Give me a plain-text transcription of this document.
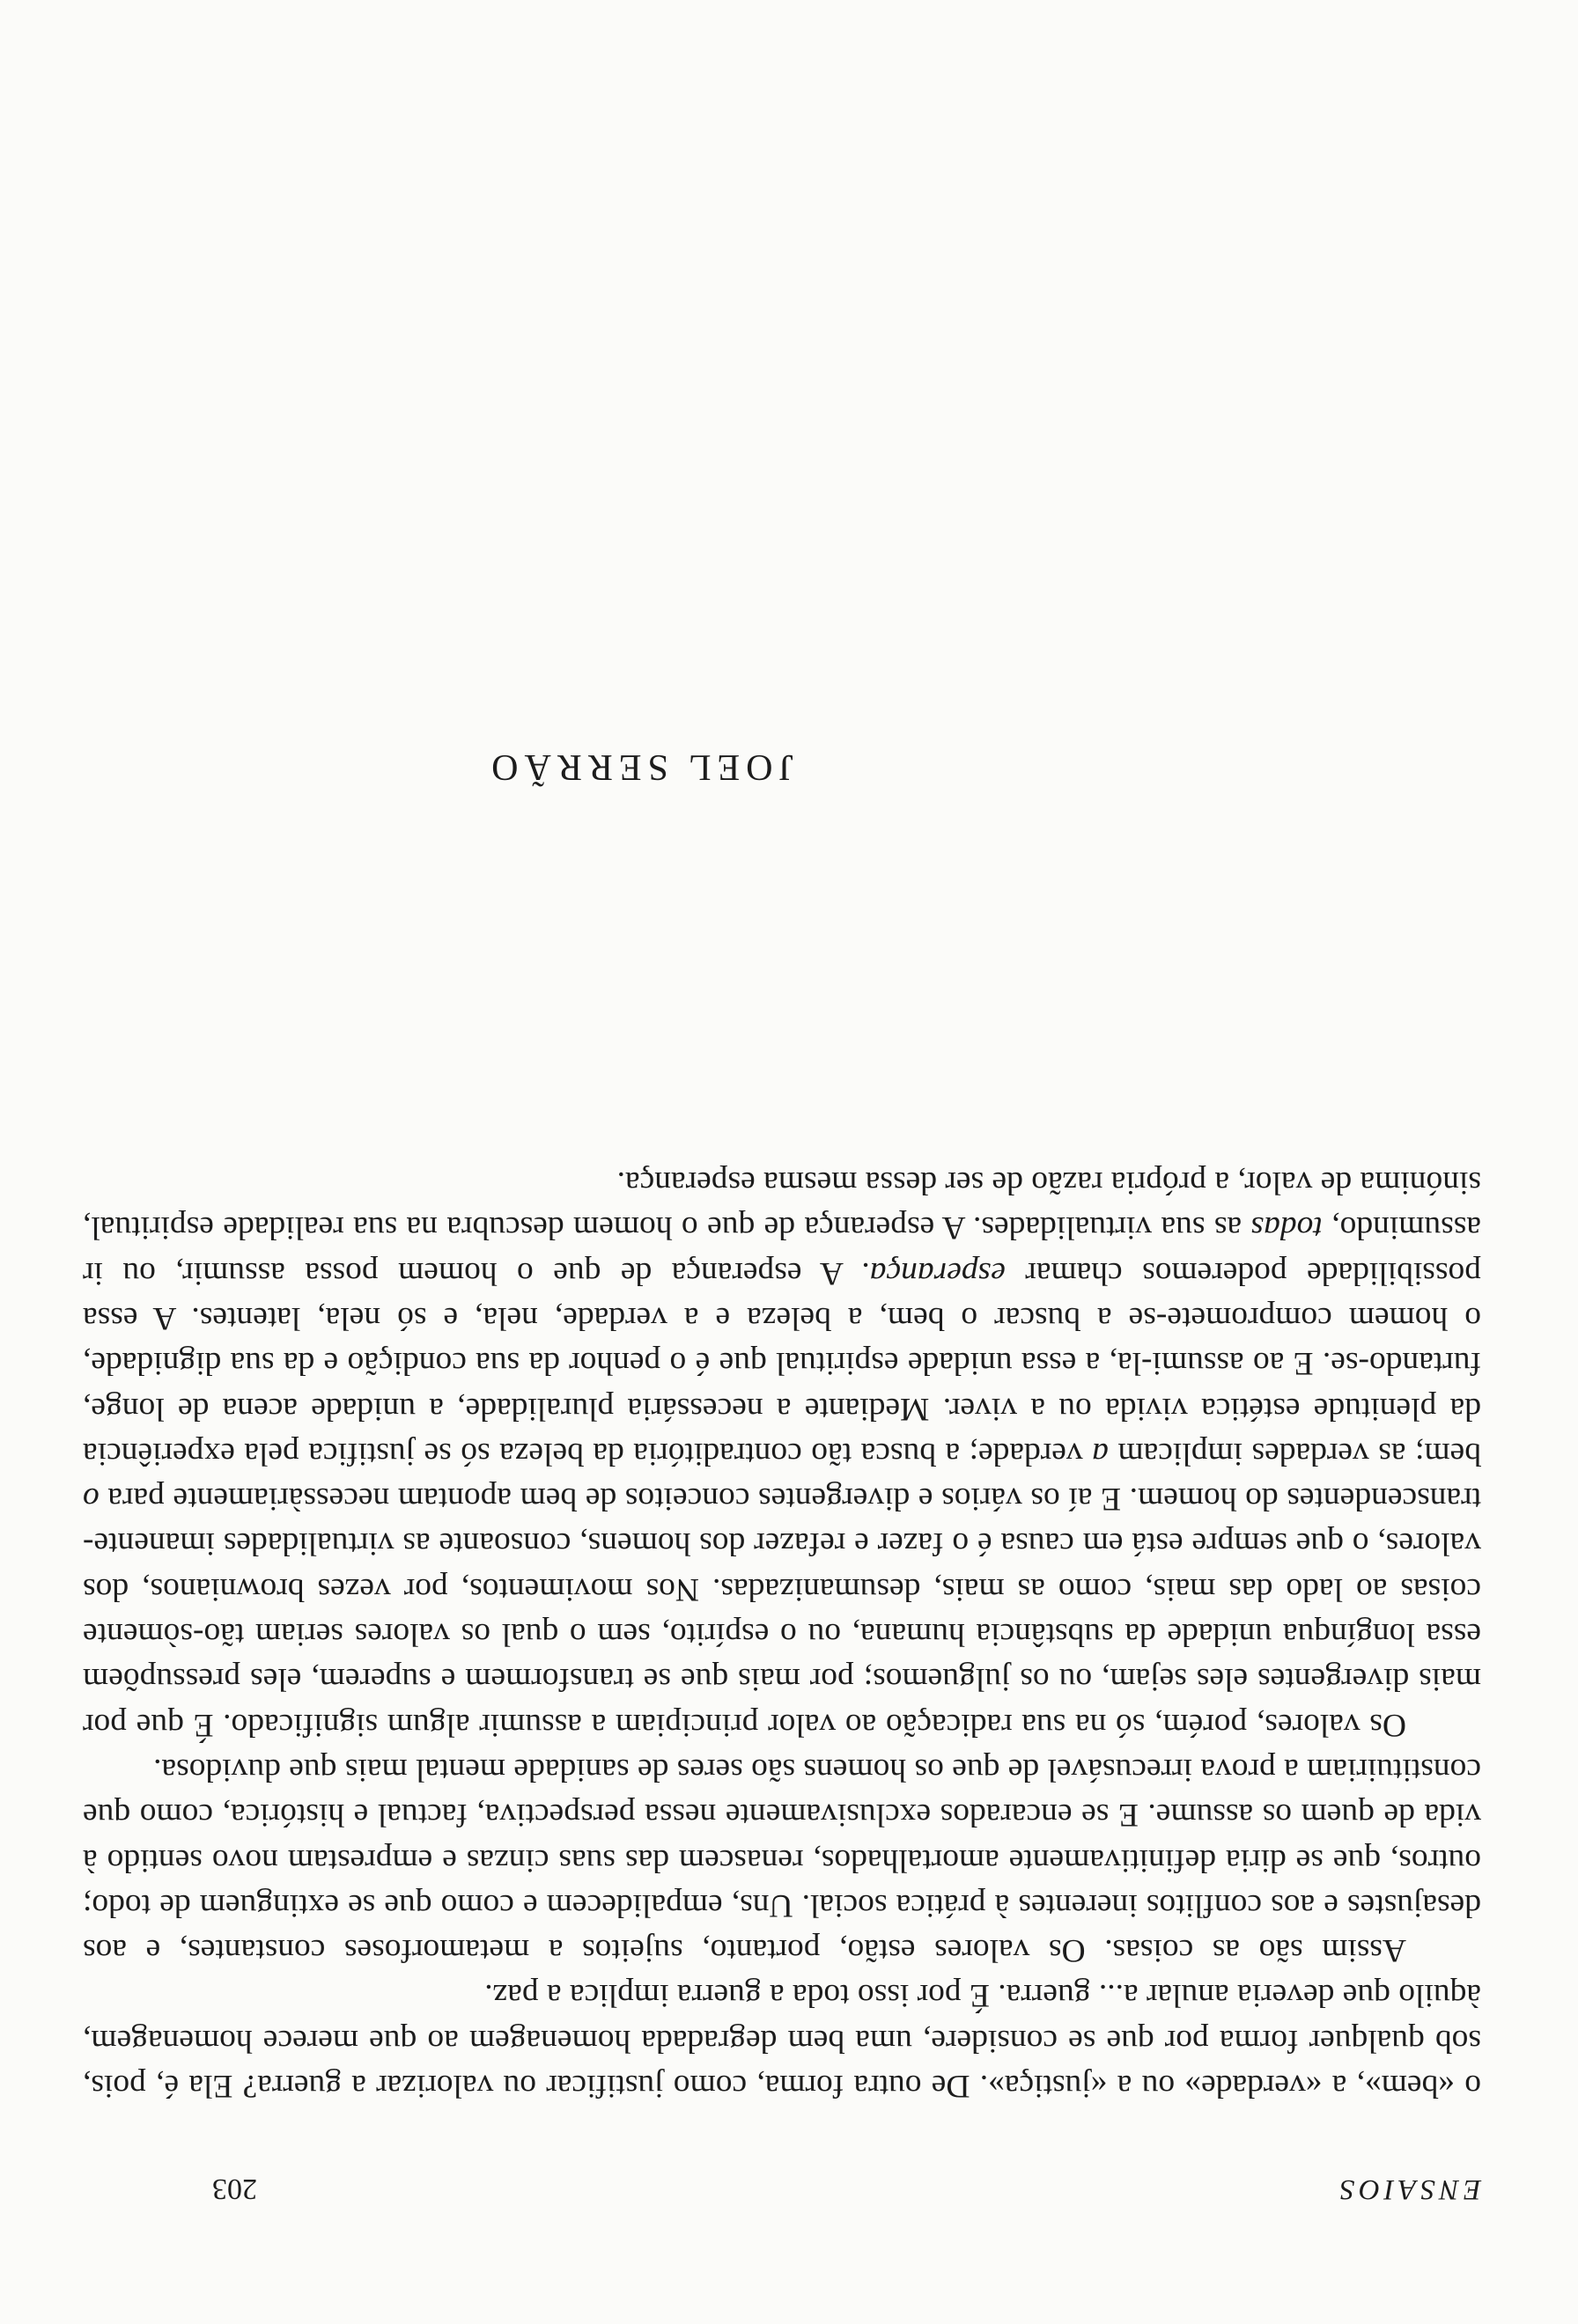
ENSAIOS
203

o «bem», a «verdade» ou a «justiça». De outra forma, como justificar ou valorizar a guerra? Ela é, pois, sob qualquer forma por que se considere, uma bem degradada homenagem ao que merece homenagem, àquilo que deveria anular a... guerra. É por isso toda a guerra implica a paz.

Assim são as coisas. Os valores estão, portanto, sujeitos a metamorfoses constantes, e aos desajustes e aos conflitos inerentes à prática social. Uns, empalidecem e como que se extinguem de todo; outros, que se diria definitivamente amortalhados, renascem das suas cinzas e emprestam novo sentido à vida de quem os assume. E se encarados exclusivamente nessa perspectiva, factual e histórica, como que constituiriam a prova irrecusável de que os homens são seres de sanidade mental mais que duvidosa.

Os valores, porém, só na sua radicação ao valor principiam a assumir algum significado. É que por mais divergentes eles sejam, ou os julguemos; por mais que se transformem e superem, eles pressupõem essa longínqua unidade da substância humana, ou o espírito, sem o qual os valores seriam tão-sòmente coisas ao lado das mais, como as mais, desumanizadas. Nos movimentos, por vezes brownianos, dos valores, o que sempre está em causa é o fazer e refazer dos homens, consoante as virtualidades imanente-transcendentes do homem. E aí os vários e divergentes conceitos de bem apontam necessàriamente para o bem; as verdades implicam a verdade; a busca tão contraditória da beleza só se justifica pela experiência da plenitude estética vivida ou a viver. Mediante a necessária pluralidade, a unidade acena de longe, furtando-se. E ao assumi-la, a essa unidade espiritual que é o penhor da sua condição e da sua dignidade, o homem compromete-se a buscar o bem, a beleza e a verdade, nela, e só nela, latentes. A essa possibilidade poderemos chamar esperança. A esperança de que o homem possa assumir, ou ir assumindo, todas as sua virtualidades. A esperança de que o homem descubra na sua realidade espiritual, sinónima de valor, a própria razão de ser dessa mesma esperança.

JOEL SERRÃO
